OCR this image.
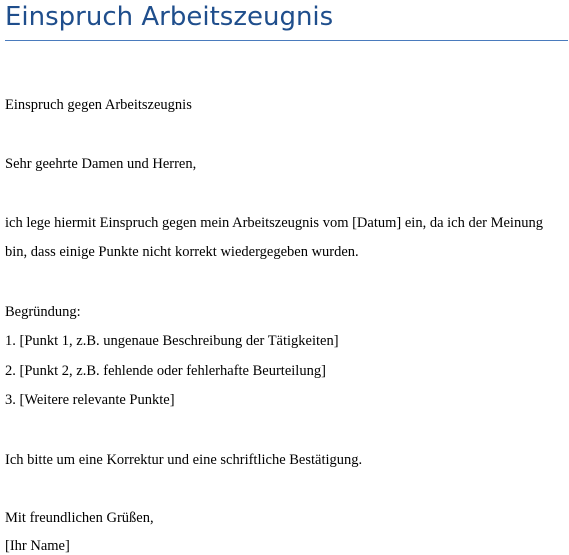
Einspruch Arbeitszeugnis

Einspruch gegen Arbeitszeugnis

Sehr geehrte Damen und Herren,

ich lege hiermit Einspruch gegen mein Arbeitszeugnis vom [Datum] ein, da ich der Meinung

bin, dass einige Punkte nicht korrekt wiedergegeben wurden.

Begründung:

1. [Punkt 1, z.B. ungenaue Beschreibung der Tätigkeiten]

2. [Punkt 2, z.B. fehlende oder fehlerhafte Beurteilung]

3. [Weitere relevante Punkte]

Ich bitte um eine Korrektur und eine schriftliche Bestätigung.

Mit freundlichen Grüßen,

[Ihr Name]
